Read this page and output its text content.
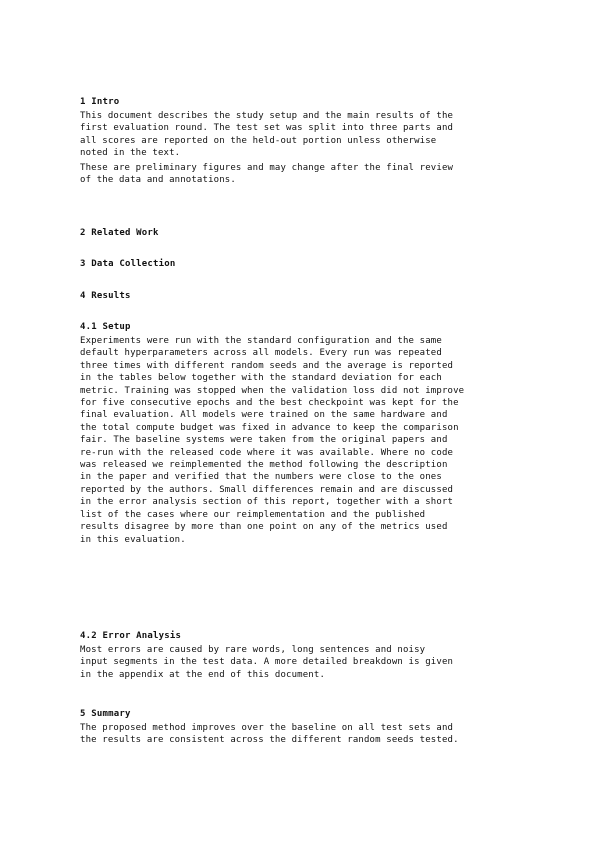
1 Intro
This document describes the study setup and the main results of the
first evaluation round. The test set was split into three parts and
all scores are reported on the held-out portion unless otherwise
noted in the text.
These are preliminary figures and may change after the final review
of the data and annotations.
2 Related Work
3 Data Collection
4 Results
4.1 Setup
Experiments were run with the standard configuration and the same
default hyperparameters across all models. Every run was repeated
three times with different random seeds and the average is reported
in the tables below together with the standard deviation for each
metric. Training was stopped when the validation loss did not improve
for five consecutive epochs and the best checkpoint was kept for the
final evaluation. All models were trained on the same hardware and
the total compute budget was fixed in advance to keep the comparison
fair. The baseline systems were taken from the original papers and
re-run with the released code where it was available. Where no code
was released we reimplemented the method following the description
in the paper and verified that the numbers were close to the ones
reported by the authors. Small differences remain and are discussed
in the error analysis section of this report, together with a short
list of the cases where our reimplementation and the published
results disagree by more than one point on any of the metrics used
in this evaluation.
4.2 Error Analysis
Most errors are caused by rare words, long sentences and noisy
input segments in the test data. A more detailed breakdown is given
in the appendix at the end of this document.
5 Summary
The proposed method improves over the baseline on all test sets and
the results are consistent across the different random seeds tested.
